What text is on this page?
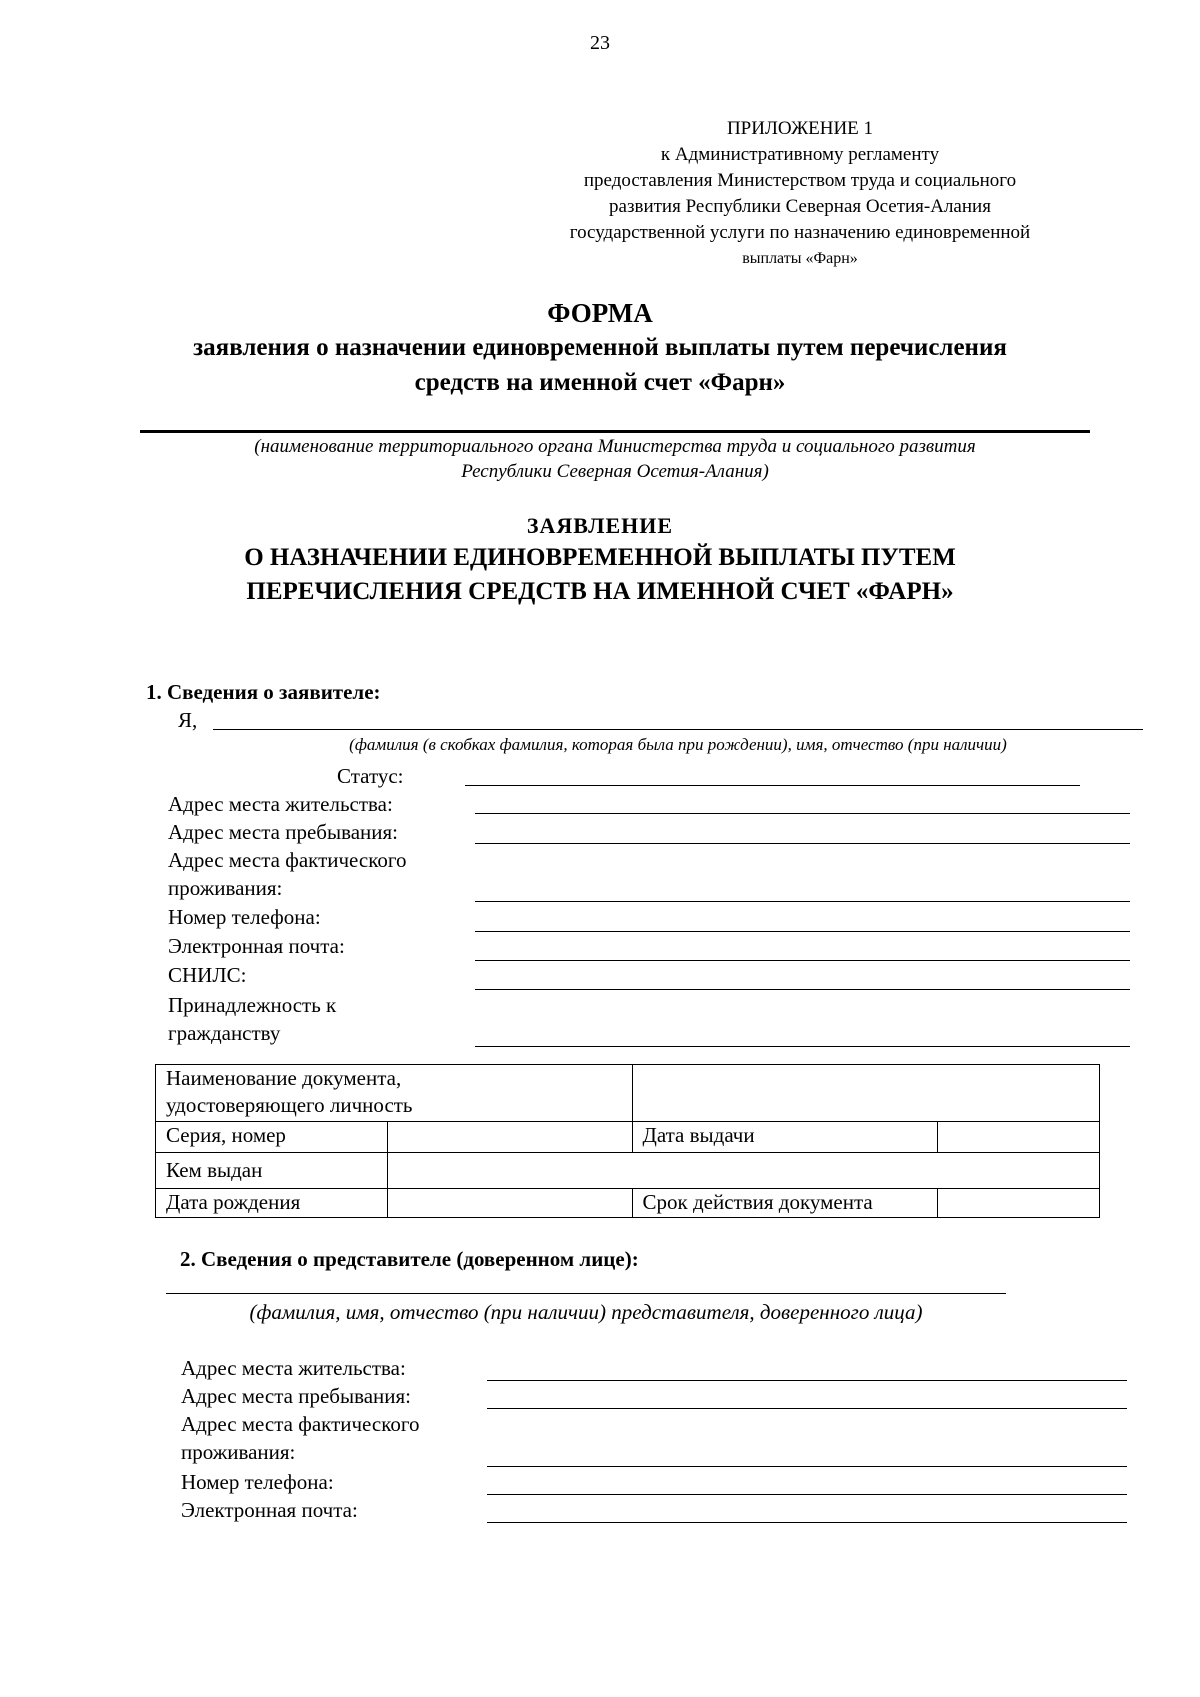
23
ПРИЛОЖЕНИЕ 1
к Административному регламенту
предоставления Министерством труда и социального
развития Республики Северная Осетия-Алания
государственной услуги по назначению единовременной
выплаты «Фарн»
ФОРМА
заявления о назначении единовременной выплаты путем перечисления
средств на именной счет «Фарн»
(наименование территориального органа Министерства труда и социального развития
Республики Северная Осетия-Алания)
ЗАЯВЛЕНИЕ
О НАЗНАЧЕНИИ ЕДИНОВРЕМЕННОЙ ВЫПЛАТЫ ПУТЕМ
ПЕРЕЧИСЛЕНИЯ СРЕДСТВ НА ИМЕННОЙ СЧЕТ «ФАРН»
1. Сведения о заявителе:
Я,
(фамилия (в скобках фамилия, которая была при рождении), имя, отчество (при наличии)
Статус:
Адрес места жительства:
Адрес места пребывания:
Адрес места фактического
проживания:
Номер телефона:
Электронная почта:
СНИЛС:
Принадлежность к
гражданству
Наименование документа,
удостоверяющего личность			

Серия, номер		Дата выдачи	
Кем выдан			
Дата рождения		Срок действия документа	
2. Сведения о представителе (доверенном лице):
(фамилия, имя, отчество (при наличии) представителя, доверенного лица)
Адрес места жительства:
Адрес места пребывания:
Адрес места фактического
проживания:
Номер телефона:
Электронная почта:
